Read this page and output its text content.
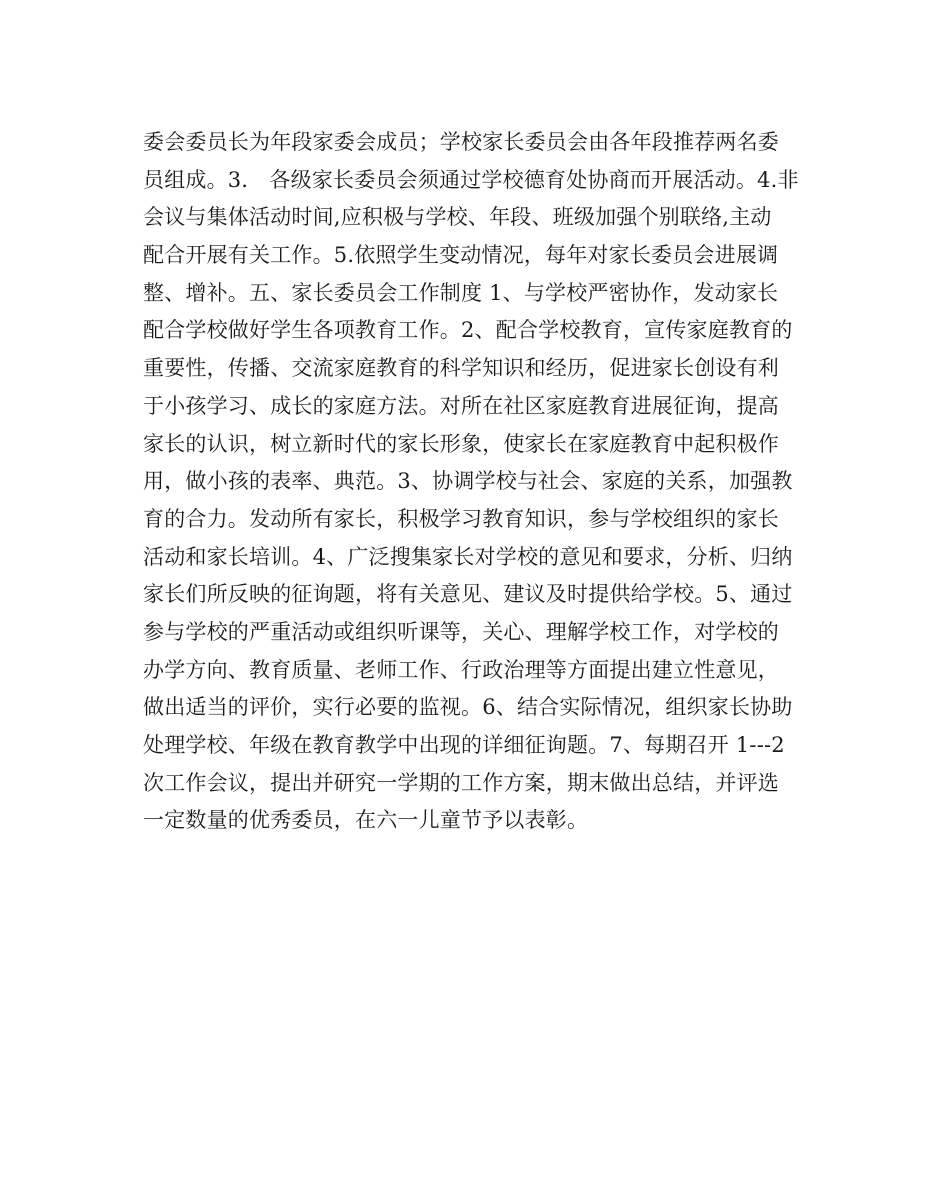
委会委员长为年段家委会成员；学校家长委员会由各年段推荐两名委
员组成。3． 各级家长委员会须通过学校德育处协商而开展活动。4.非
会议与集体活动时间,应积极与学校、年段、班级加强个别联络,主动
配合开展有关工作。5.依照学生变动情况，每年对家长委员会进展调
整、增补。五、家长委员会工作制度 1、与学校严密协作，发动家长
配合学校做好学生各项教育工作。2、配合学校教育，宣传家庭教育的
重要性，传播、交流家庭教育的科学知识和经历，促进家长创设有利
于小孩学习、成长的家庭方法。对所在社区家庭教育进展征询，提高
家长的认识，树立新时代的家长形象，使家长在家庭教育中起积极作
用，做小孩的表率、典范。3、协调学校与社会、家庭的关系，加强教
育的合力。发动所有家长，积极学习教育知识，参与学校组织的家长
活动和家长培训。4、广泛搜集家长对学校的意见和要求，分析、归纳
家长们所反映的征询题，将有关意见、建议及时提供给学校。5、通过
参与学校的严重活动或组织听课等，关心、理解学校工作，对学校的
办学方向、教育质量、老师工作、行政治理等方面提出建立性意见，
做出适当的评价，实行必要的监视。6、结合实际情况，组织家长协助
处理学校、年级在教育教学中出现的详细征询题。7、每期召开 1---2
次工作会议，提出并研究一学期的工作方案，期末做出总结，并评选
一定数量的优秀委员，在六一儿童节予以表彰。
